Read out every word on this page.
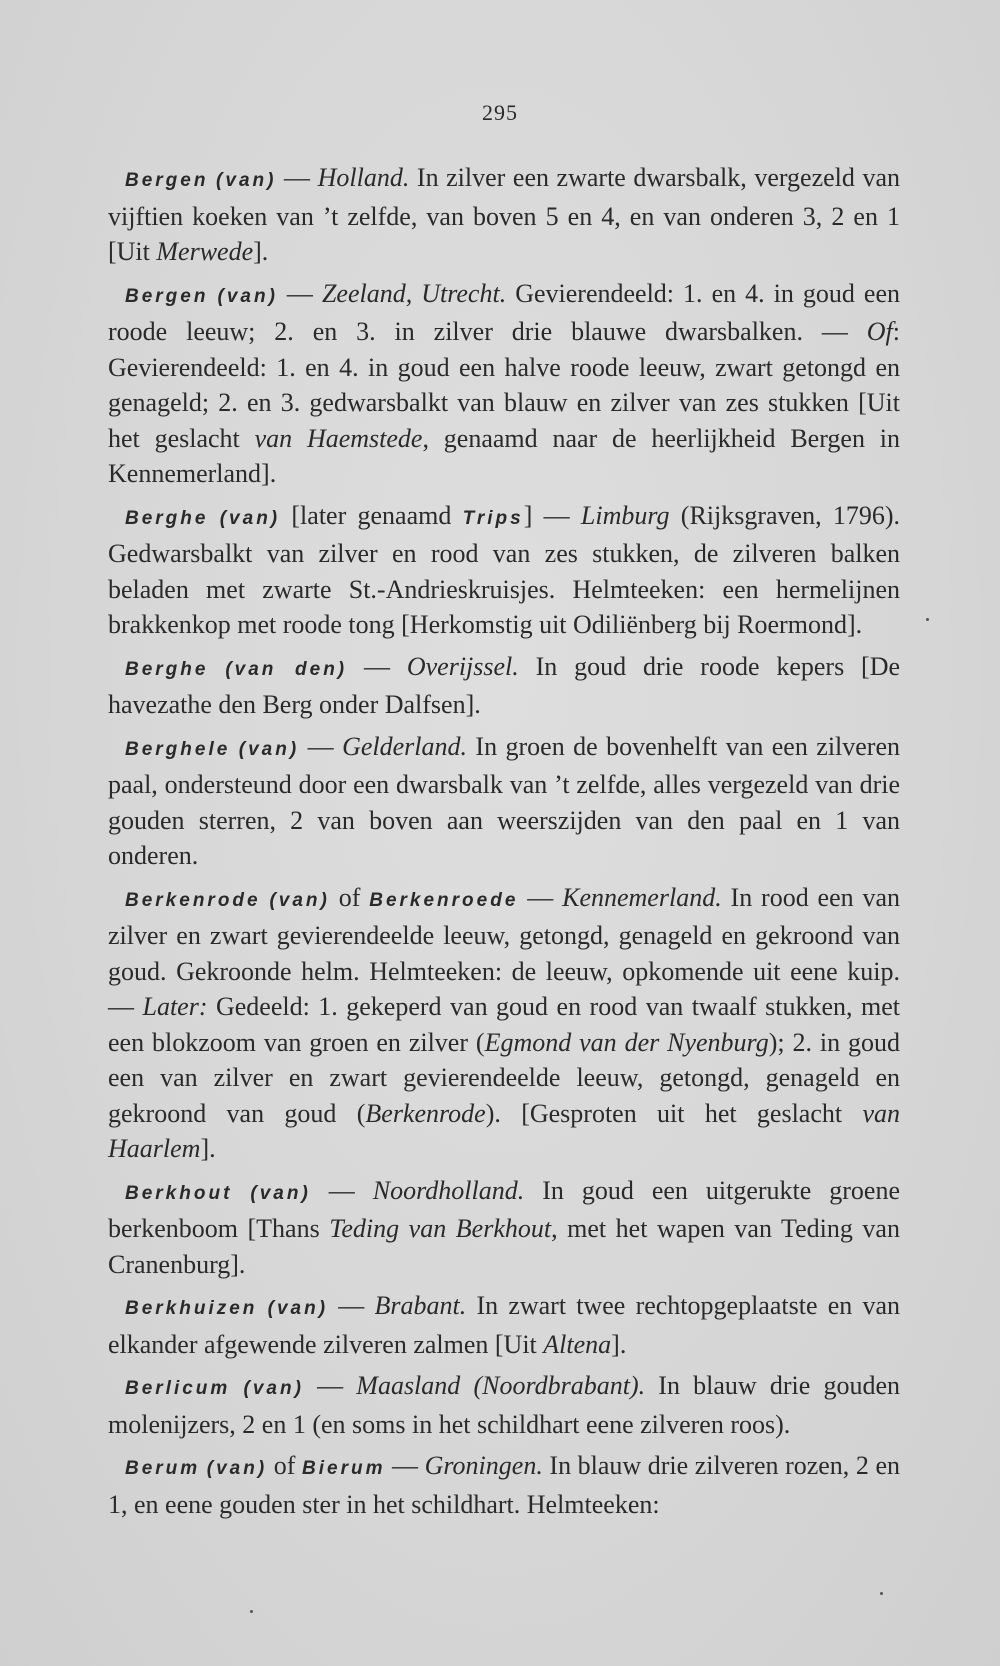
295

Bergen (van) — Holland. In zilver een zwarte dwarsbalk, vergezeld van vijftien koeken van ’t zelfde, van boven 5 en 4, en van onderen 3, 2 en 1 [Uit Merwede].

Bergen (van) — Zeeland, Utrecht. Gevierendeeld: 1. en 4. in goud een roode leeuw; 2. en 3. in zilver drie blauwe dwarsbalken. — Of: Gevierendeeld: 1. en 4. in goud een halve roode leeuw, zwart getongd en genageld; 2. en 3. gedwarsbalkt van blauw en zilver van zes stukken [Uit het geslacht van Haemstede, genaamd naar de heerlijkheid Bergen in Kennemerland].

Berghe (van) [later genaamd Trips] — Limburg (Rijksgraven, 1796). Gedwarsbalkt van zilver en rood van zes stukken, de zilveren balken beladen met zwarte St.-Andrieskruisjes. Helmteeken: een hermelijnen brakkenkop met roode tong [Herkomstig uit Odiliënberg bij Roermond].

Berghe (van den) — Overijssel. In goud drie roode kepers [De havezathe den Berg onder Dalfsen].

Berghele (van) — Gelderland. In groen de bovenhelft van een zilveren paal, ondersteund door een dwarsbalk van ’t zelfde, alles vergezeld van drie gouden sterren, 2 van boven aan weerszijden van den paal en 1 van onderen.

Berkenrode (van) of Berkenroede — Kennemerland. In rood een van zilver en zwart gevierendeelde leeuw, getongd, genageld en gekroond van goud. Gekroonde helm. Helmteeken: de leeuw, opkomende uit eene kuip. — Later: Gedeeld: 1. gekeperd van goud en rood van twaalf stukken, met een blokzoom van groen en zilver (Egmond van der Nyenburg); 2. in goud een van zilver en zwart gevierendeelde leeuw, getongd, genageld en gekroond van goud (Berkenrode). [Gesproten uit het geslacht van Haarlem].

Berkhout (van) — Noordholland. In goud een uitgerukte groene berkenboom [Thans Teding van Berkhout, met het wapen van Teding van Cranenburg].

Berkhuizen (van) — Brabant. In zwart twee rechtopgeplaatste en van elkander afgewende zilveren zalmen [Uit Altena].

Berlicum (van) — Maasland (Noordbrabant). In blauw drie gouden molenijzers, 2 en 1 (en soms in het schildhart eene zilveren roos).

Berum (van) of Bierum — Groningen. In blauw drie zilveren rozen, 2 en 1, en eene gouden ster in het schildhart. Helmteeken:
